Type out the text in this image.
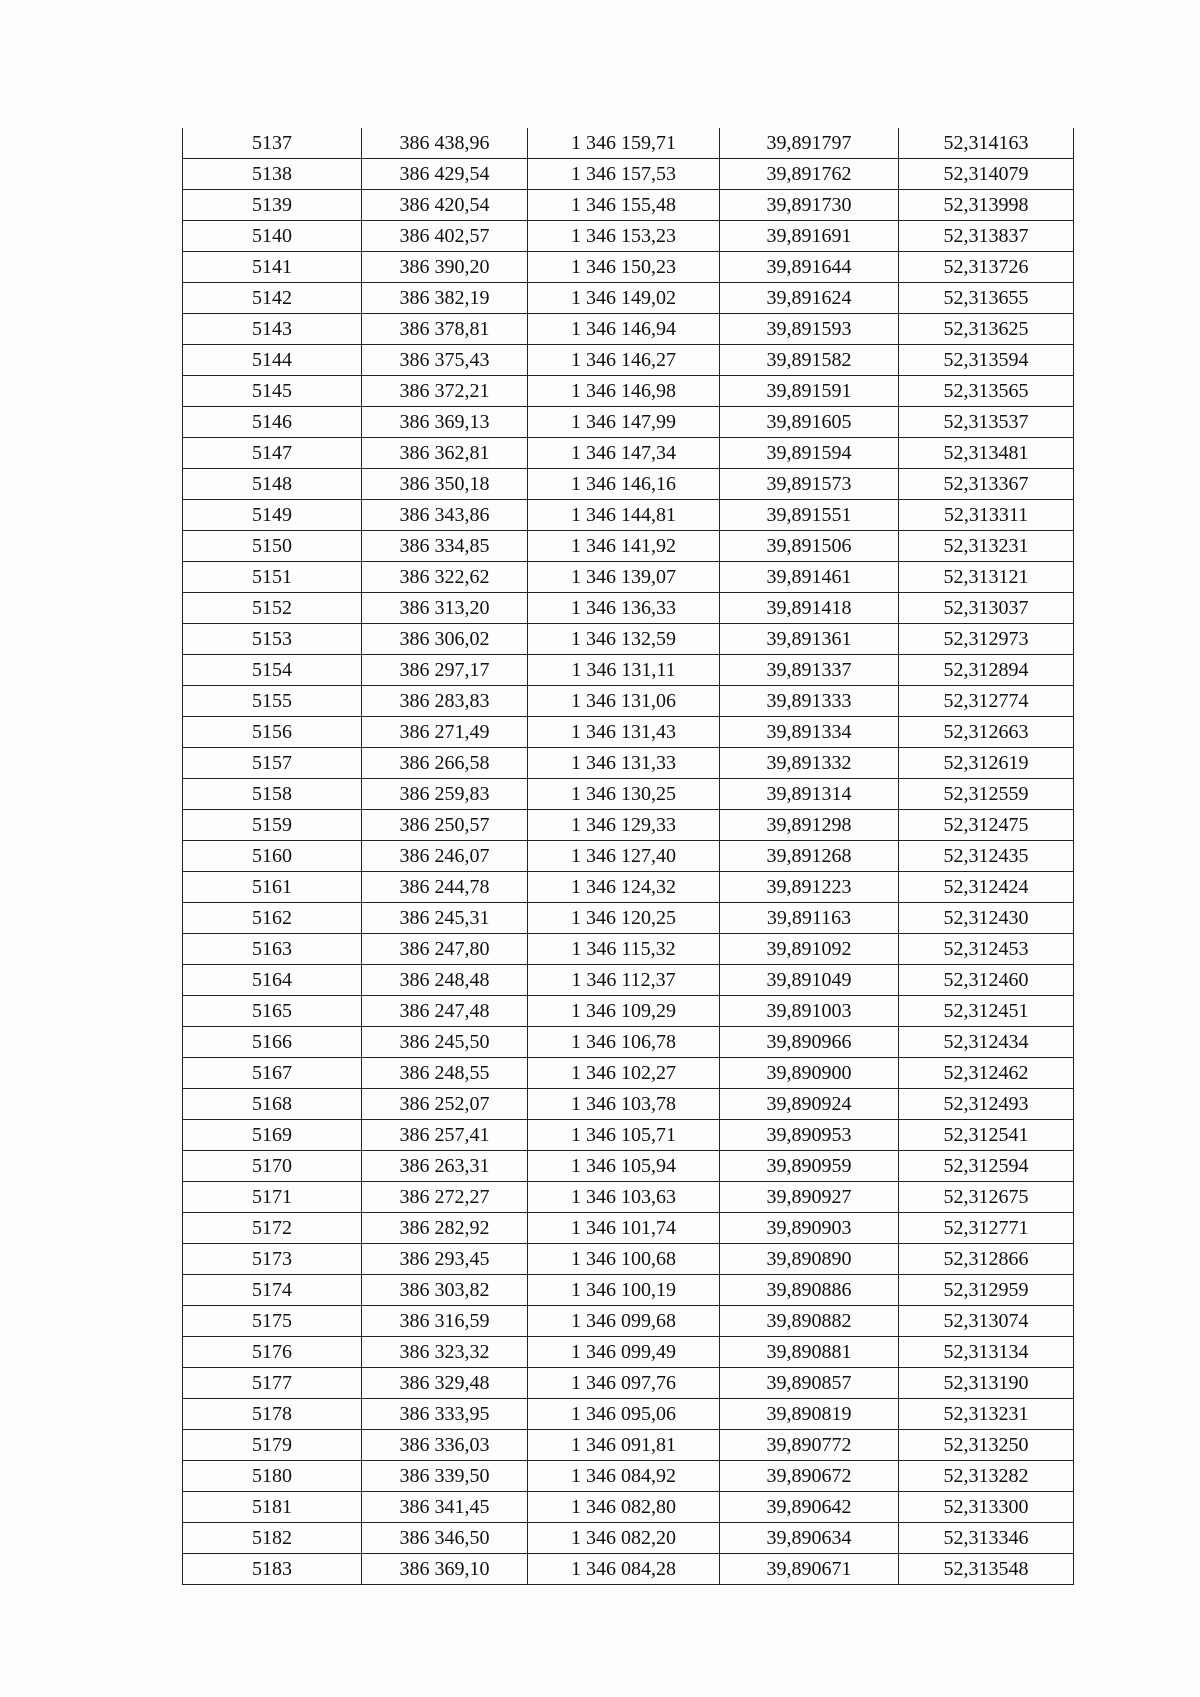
5137	386 438,96	1 346 159,71	39,891797	52,314163
5138	386 429,54	1 346 157,53	39,891762	52,314079
5139	386 420,54	1 346 155,48	39,891730	52,313998
5140	386 402,57	1 346 153,23	39,891691	52,313837
5141	386 390,20	1 346 150,23	39,891644	52,313726
5142	386 382,19	1 346 149,02	39,891624	52,313655
5143	386 378,81	1 346 146,94	39,891593	52,313625
5144	386 375,43	1 346 146,27	39,891582	52,313594
5145	386 372,21	1 346 146,98	39,891591	52,313565
5146	386 369,13	1 346 147,99	39,891605	52,313537
5147	386 362,81	1 346 147,34	39,891594	52,313481
5148	386 350,18	1 346 146,16	39,891573	52,313367
5149	386 343,86	1 346 144,81	39,891551	52,313311
5150	386 334,85	1 346 141,92	39,891506	52,313231
5151	386 322,62	1 346 139,07	39,891461	52,313121
5152	386 313,20	1 346 136,33	39,891418	52,313037
5153	386 306,02	1 346 132,59	39,891361	52,312973
5154	386 297,17	1 346 131,11	39,891337	52,312894
5155	386 283,83	1 346 131,06	39,891333	52,312774
5156	386 271,49	1 346 131,43	39,891334	52,312663
5157	386 266,58	1 346 131,33	39,891332	52,312619
5158	386 259,83	1 346 130,25	39,891314	52,312559
5159	386 250,57	1 346 129,33	39,891298	52,312475
5160	386 246,07	1 346 127,40	39,891268	52,312435
5161	386 244,78	1 346 124,32	39,891223	52,312424
5162	386 245,31	1 346 120,25	39,891163	52,312430
5163	386 247,80	1 346 115,32	39,891092	52,312453
5164	386 248,48	1 346 112,37	39,891049	52,312460
5165	386 247,48	1 346 109,29	39,891003	52,312451
5166	386 245,50	1 346 106,78	39,890966	52,312434
5167	386 248,55	1 346 102,27	39,890900	52,312462
5168	386 252,07	1 346 103,78	39,890924	52,312493
5169	386 257,41	1 346 105,71	39,890953	52,312541
5170	386 263,31	1 346 105,94	39,890959	52,312594
5171	386 272,27	1 346 103,63	39,890927	52,312675
5172	386 282,92	1 346 101,74	39,890903	52,312771
5173	386 293,45	1 346 100,68	39,890890	52,312866
5174	386 303,82	1 346 100,19	39,890886	52,312959
5175	386 316,59	1 346 099,68	39,890882	52,313074
5176	386 323,32	1 346 099,49	39,890881	52,313134
5177	386 329,48	1 346 097,76	39,890857	52,313190
5178	386 333,95	1 346 095,06	39,890819	52,313231
5179	386 336,03	1 346 091,81	39,890772	52,313250
5180	386 339,50	1 346 084,92	39,890672	52,313282
5181	386 341,45	1 346 082,80	39,890642	52,313300
5182	386 346,50	1 346 082,20	39,890634	52,313346
5183	386 369,10	1 346 084,28	39,890671	52,313548
